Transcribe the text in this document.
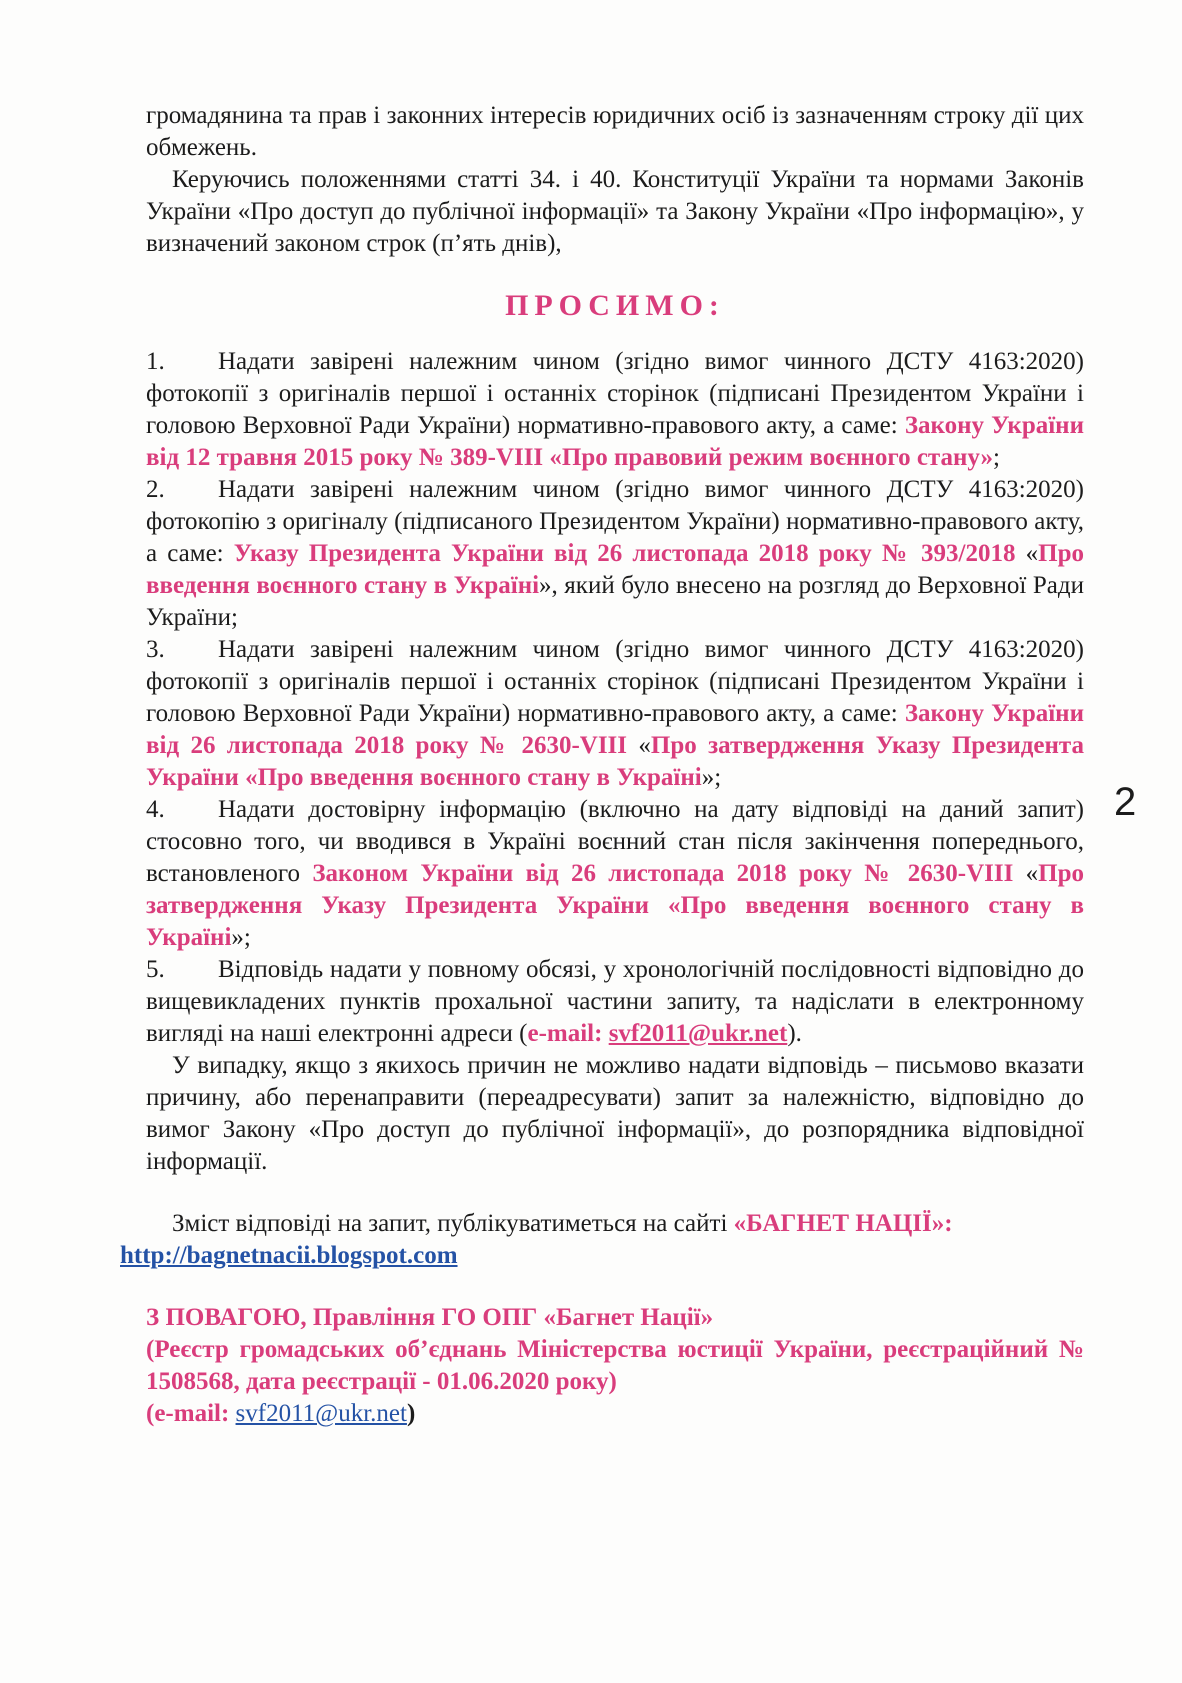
2

громадянина та прав і законних інтересів юридичних осіб із зазначенням строку дії цих обмежень.

Керуючись положеннями статті 34. і 40. Конституції України та нормами Законів України «Про доступ до публічної інформації» та Закону України «Про інформацію», у визначений законом строк (п’ять днів),

ПРОСИМО:

1. Надати завірені належним чином (згідно вимог чинного ДСТУ 4163:2020) фотокопії з оригіналів першої і останніх сторінок (підписані Президентом України і головою Верховної Ради України) нормативно-правового акту, а саме: Закону України від 12 травня 2015 року № 389-VIII «Про правовий режим воєнного стану»;

2. Надати завірені належним чином (згідно вимог чинного ДСТУ 4163:2020) фотокопію з оригіналу (підписаного Президентом України) нормативно-правового акту, а саме: Указу Президента України від 26 листопада 2018 року № 393/2018 «Про введення воєнного стану в Україні», який було внесено на розгляд до Верховної Ради України;

3. Надати завірені належним чином (згідно вимог чинного ДСТУ 4163:2020) фотокопії з оригіналів першої і останніх сторінок (підписані Президентом України і головою Верховної Ради України) нормативно-правового акту, а саме: Закону України від 26 листопада 2018 року № 2630-VIII «Про затвердження Указу Президента України «Про введення воєнного стану в Україні»;

4. Надати достовірну інформацію (включно на дату відповіді на даний запит) стосовно того, чи вводився в Україні воєнний стан після закінчення попереднього, встановленого Законом України від 26 листопада 2018 року № 2630-VIII «Про затвердження Указу Президента України «Про введення воєнного стану в Україні»;

5. Відповідь надати у повному обсязі, у хронологічній послідовності відповідно до вищевикладених пунктів прохальної частини запиту, та надіслати в електронному вигляді на наші електронні адреси (e-mail: svf2011@ukr.net).

У випадку, якщо з якихось причин не можливо надати відповідь – письмово вказати причину, або перенаправити (переадресувати) запит за належністю, відповідно до вимог Закону «Про доступ до публічної інформації», до розпорядника відповідної інформації.

Зміст відповіді на запит, публікуватиметься на сайті «БАГНЕТ НАЦІЇ»:
http://bagnetnacii.blogspot.com

З ПОВАГОЮ, Правління ГО ОПГ «Багнет Нації»

(Реєстр громадських об’єднань Міністерства юстиції України, реєстраційний № 1508568, дата реєстрації - 01.06.2020 року)

(e-mail: svf2011@ukr.net)
